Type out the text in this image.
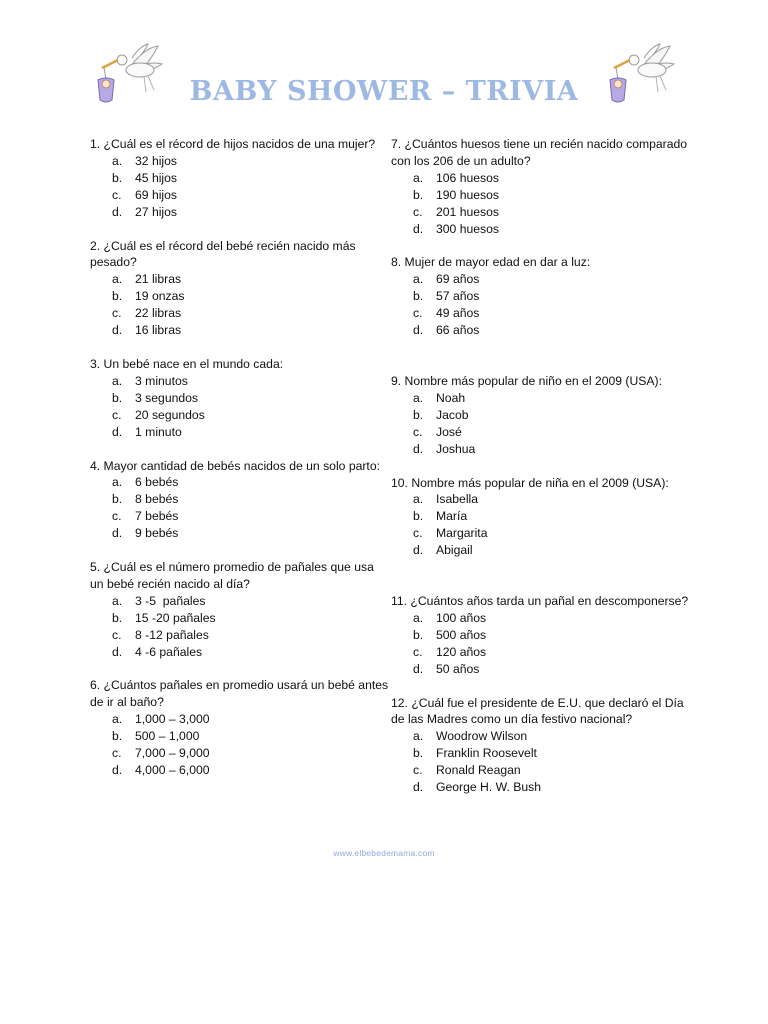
BABY SHOWER – TRIVIA
1. ¿Cuál es el récord de hijos nacidos de una mujer?
a. 32 hijos
b. 45 hijos
c. 69 hijos
d. 27 hijos
2. ¿Cuál es el récord del bebé recién nacido más pesado?
a. 21 libras
b. 19 onzas
c. 22 libras
d. 16 libras
3. Un bebé nace en el mundo cada:
a. 3 minutos
b. 3 segundos
c. 20 segundos
d. 1 minuto
4. Mayor cantidad de bebés nacidos de un solo parto:
a. 6 bebés
b. 8 bebés
c. 7 bebés
d. 9 bebés
5. ¿Cuál es el número promedio de pañales que usa un bebé recién nacido al día?
a. 3 -5  pañales
b. 15 -20 pañales
c. 8 -12 pañales
d. 4 -6 pañales
6. ¿Cuántos pañales en promedio usará un bebé antes de ir al baño?
a. 1,000 – 3,000
b. 500 – 1,000
c. 7,000 – 9,000
d. 4,000 – 6,000
7. ¿Cuántos huesos tiene un recién nacido comparado con los 206 de un adulto?
a. 106 huesos
b. 190 huesos
c. 201 huesos
d. 300 huesos
8. Mujer de mayor edad en dar a luz:
a. 69 años
b. 57 años
c. 49 años
d. 66 años
9. Nombre más popular de niño en el 2009 (USA):
a. Noah
b. Jacob
c. José
d. Joshua
10. Nombre más popular de niña en el 2009 (USA):
a. Isabella
b. María
c. Margarita
d. Abigail
11. ¿Cuántos años tarda un pañal en descomponerse?
a. 100 años
b. 500 años
c. 120 años
d. 50 años
12. ¿Cuál fue el presidente de E.U. que declaró el Día de las Madres como un día festivo nacional?
a. Woodrow Wilson
b. Franklin Roosevelt
c. Ronald Reagan
d. George H. W. Bush
www.elbebedemama.com
